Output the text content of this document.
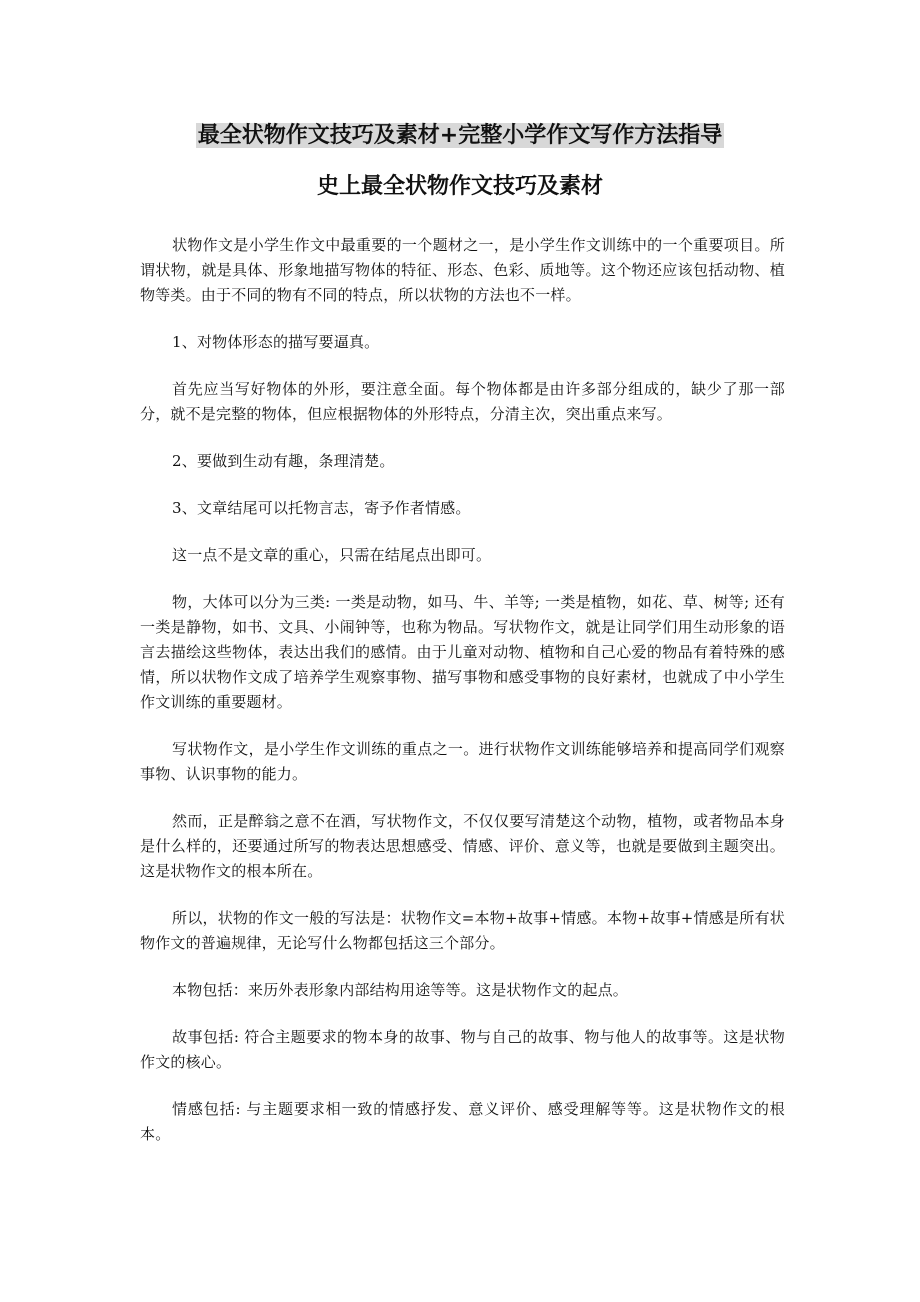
最全状物作文技巧及素材+完整小学作文写作方法指导
史上最全状物作文技巧及素材

状物作文是小学生作文中最重要的一个题材之一，是小学生作文训练中的一个重要项目。所谓状物，就是具体、形象地描写物体的特征、形态、色彩、质地等。这个物还应该包括动物、植物等类。由于不同的物有不同的特点，所以状物的方法也不一样。

1、对物体形态的描写要逼真。

首先应当写好物体的外形，要注意全面。每个物体都是由许多部分组成的，缺少了那一部分，就不是完整的物体，但应根据物体的外形特点，分清主次，突出重点来写。

2、要做到生动有趣，条理清楚。

3、文章结尾可以托物言志，寄予作者情感。

这一点不是文章的重心，只需在结尾点出即可。

物，大体可以分为三类: 一类是动物，如马、牛、羊等; 一类是植物，如花、草、树等; 还有一类是静物，如书、文具、小闹钟等，也称为物品。写状物作文，就是让同学们用生动形象的语言去描绘这些物体，表达出我们的感情。由于儿童对动物、植物和自己心爱的物品有着特殊的感情，所以状物作文成了培养学生观察事物、描写事物和感受事物的良好素材，也就成了中小学生作文训练的重要题材。

写状物作文，是小学生作文训练的重点之一。进行状物作文训练能够培养和提高同学们观察事物、认识事物的能力。

然而，正是醉翁之意不在酒，写状物作文，不仅仅要写清楚这个动物，植物，或者物品本身是什么样的，还要通过所写的物表达思想感受、情感、评价、意义等，也就是要做到主题突出。这是状物作文的根本所在。

所以，状物的作文一般的写法是：状物作文=本物+故事+情感。本物+故事+情感是所有状物作文的普遍规律，无论写什么物都包括这三个部分。

本物包括：来历外表形象内部结构用途等等。这是状物作文的起点。

故事包括: 符合主题要求的物本身的故事、物与自己的故事、物与他人的故事等。这是状物作文的核心。

情感包括: 与主题要求相一致的情感抒发、意义评价、感受理解等等。这是状物作文的根本。
